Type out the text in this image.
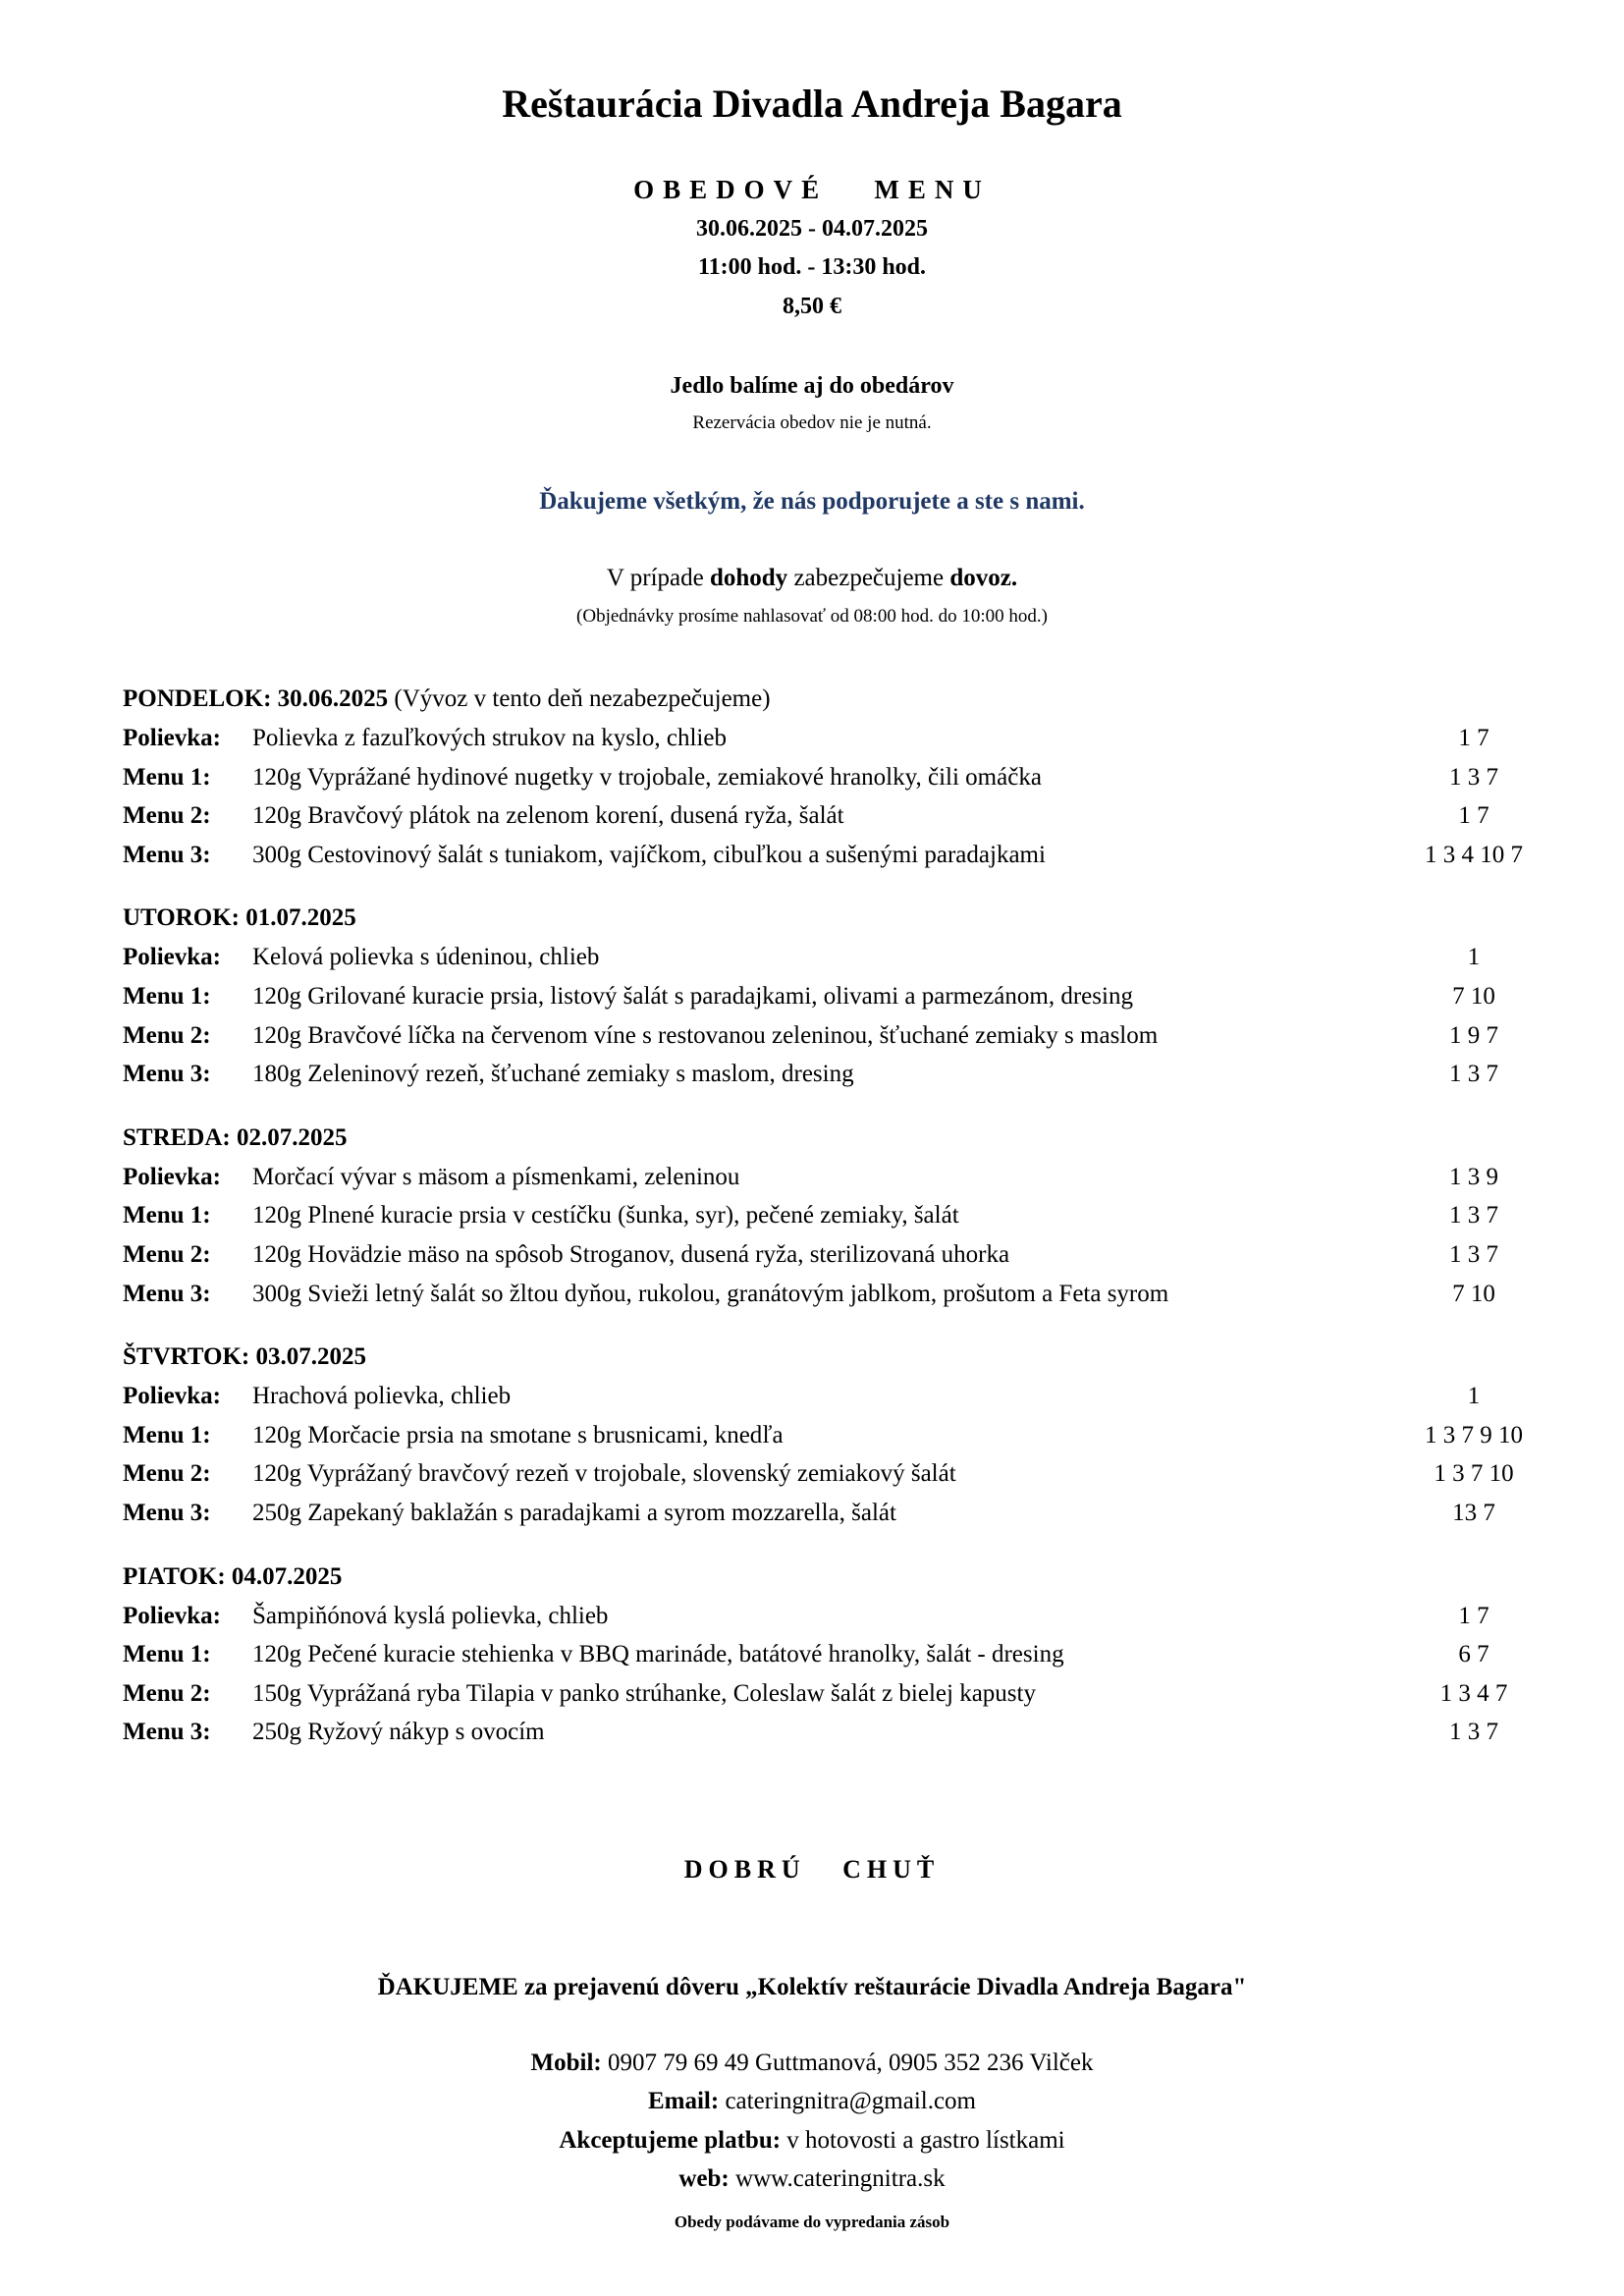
Reštaurácia Divadla Andreja Bagara
OBEDOVÉ   MENU
30.06.2025 - 04.07.2025
11:00 hod. - 13:30 hod.
8,50 €
Jedlo balíme aj do obedárov
Rezervácia obedov nie je nutná.
Ďakujeme všetkým, že nás podporujete a ste s nami.
V prípade dohody zabezpečujeme dovoz.
(Objednávky prosíme nahlasovať od 08:00 hod. do 10:00 hod.)
PONDELOK: 30.06.2025 (Vývoz v tento deň nezabezpečujeme)
Polievka:	Polievka z fazuľkových strukov na kyslo, chlieb	1 7
Menu 1:	120g Vyprážané hydinové nugetky v trojobale, zemiakové hranolky, čili omáčka	1 3 7
Menu 2:	120g Bravčový plátok na zelenom korení, dusená ryža, šalát	1 7
Menu 3:	300g Cestovinový šalát s tuniakom, vajíčkom, cibuľkou a sušenými paradajkami	1 3 4 10 7
UTOROK: 01.07.2025
Polievka:	Kelová polievka s údeninou, chlieb	1
Menu 1:	120g Grilované kuracie prsia, listový šalát s paradajkami, olivami a parmezánom, dresing	7 10
Menu 2:	120g Bravčové líčka na červenom víne s restovanou zeleninou, šťuchané zemiaky s maslom	1 9 7
Menu 3:	180g Zeleninový rezeň, šťuchané zemiaky s maslom, dresing	1 3 7
STREDA: 02.07.2025
Polievka:	Morčací vývar s mäsom a písmenkami, zeleninou	1 3 9
Menu 1:	120g Plnené kuracie prsia v cestíčku (šunka, syr), pečené zemiaky, šalát	1 3 7
Menu 2:	120g Hovädzie mäso na spôsob Stroganov, dusená ryža, sterilizovaná uhorka	1 3 7
Menu 3:	300g Svieži letný šalát so žltou dyňou, rukolou, granátovým jablkom, prošutom a Feta syrom	7 10
ŠTVRTOK: 03.07.2025
Polievka:	Hrachová polievka, chlieb	1
Menu 1:	120g Morčacie prsia na smotane s brusnicami, knedľa	1 3 7 9 10
Menu 2:	120g Vyprážaný bravčový rezeň v trojobale, slovenský zemiakový šalát	1 3 7 10
Menu 3:	250g Zapekaný baklažán s paradajkami a syrom mozzarella, šalát	13 7
PIATOK: 04.07.2025
Polievka:	Šampiňónová kyslá polievka, chlieb	1 7
Menu 1:	120g Pečené kuracie stehienka v BBQ marináde, batátové hranolky, šalát - dresing	6 7
Menu 2:	150g Vyprážaná ryba Tilapia v panko strúhanke, Coleslaw šalát z bielej kapusty	1 3 4 7
Menu 3:	250g Ryžový nákyp s ovocím	1 3 7
DOBRÚ   CHUŤ
ĎAKUJEME za prejavenú dôveru „Kolektív reštaurácie Divadla Andreja Bagara"
Mobil: 0907 79 69 49 Guttmanová, 0905 352 236 Vilček
Email: cateringnitra@gmail.com
Akceptujeme platbu: v hotovosti a gastro lístkami
web: www.cateringnitra.sk
Obedy podávame do vypredania zásob
